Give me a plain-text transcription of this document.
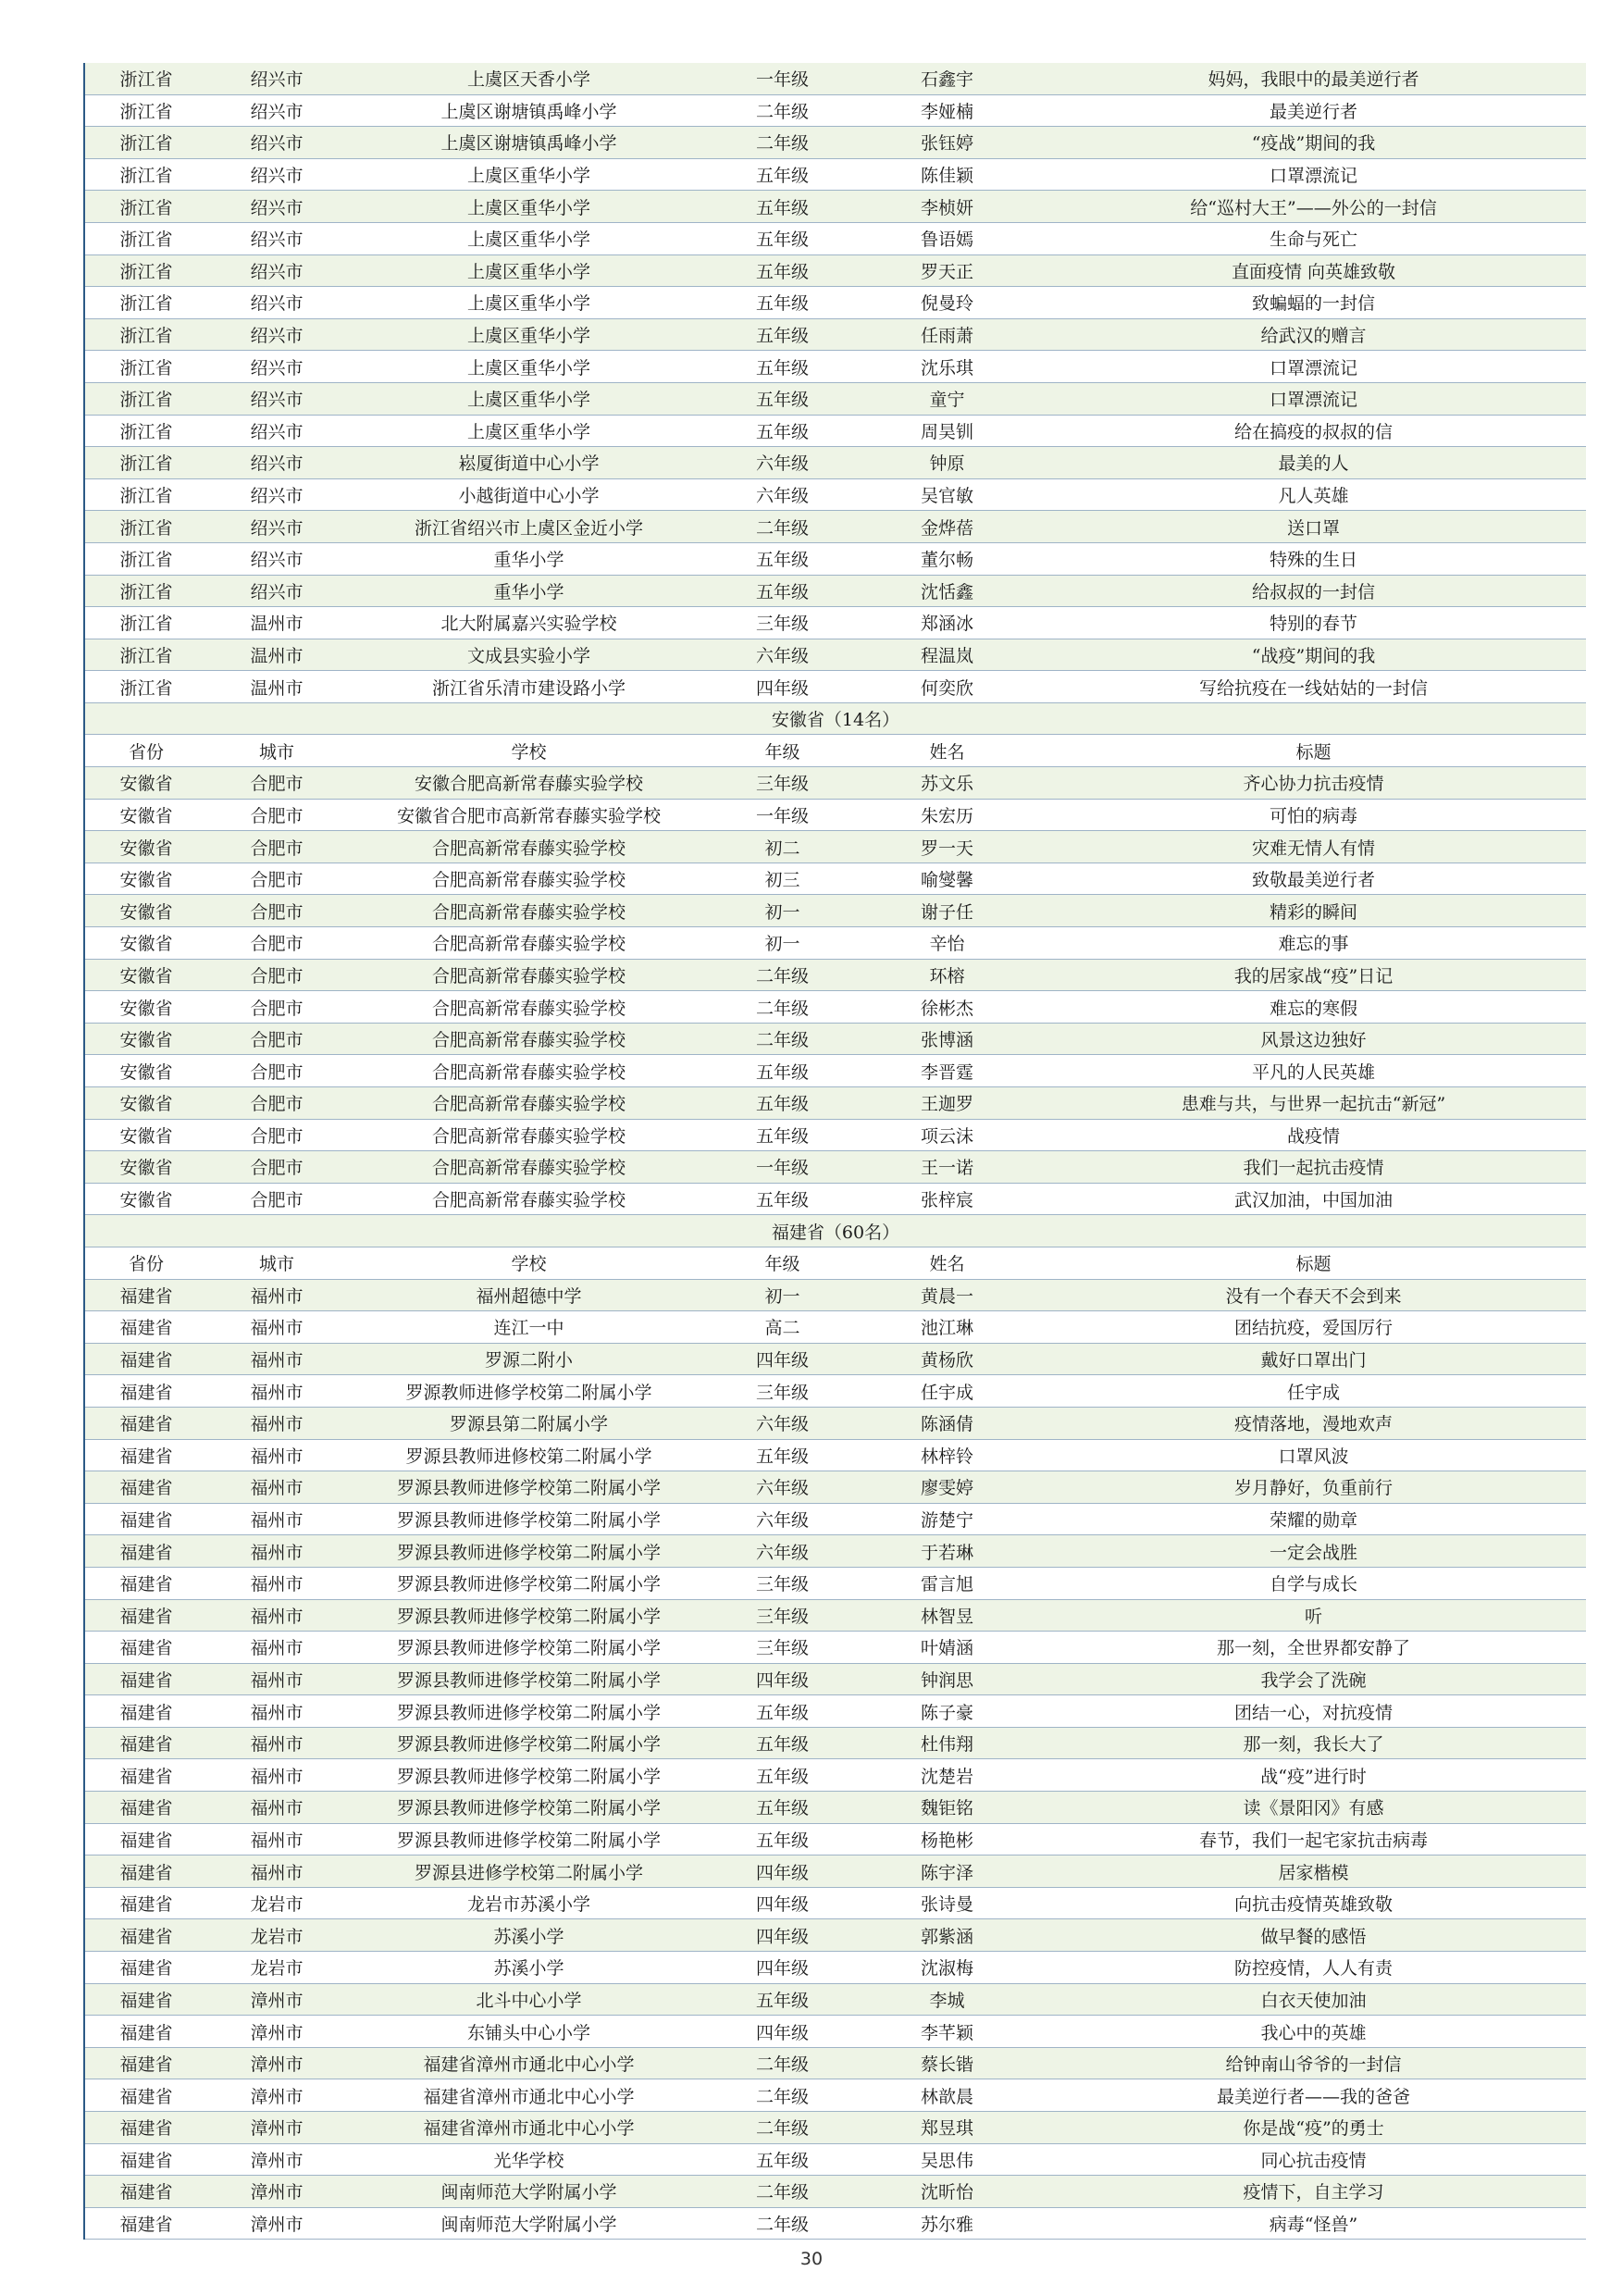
浙江省	绍兴市	上虞区天香小学	一年级	石鑫宇	妈妈，我眼中的最美逆行者
浙江省	绍兴市	上虞区谢塘镇禹峰小学	二年级	李娅楠	最美逆行者
浙江省	绍兴市	上虞区谢塘镇禹峰小学	二年级	张钰婷	“疫战”期间的我
浙江省	绍兴市	上虞区重华小学	五年级	陈佳颖	口罩漂流记
浙江省	绍兴市	上虞区重华小学	五年级	李桢妍	给“巡村大王”——外公的一封信
浙江省	绍兴市	上虞区重华小学	五年级	鲁语嫣	生命与死亡
浙江省	绍兴市	上虞区重华小学	五年级	罗天正	直面疫情 向英雄致敬
浙江省	绍兴市	上虞区重华小学	五年级	倪曼玲	致蝙蝠的一封信
浙江省	绍兴市	上虞区重华小学	五年级	任雨萧	给武汉的赠言
浙江省	绍兴市	上虞区重华小学	五年级	沈乐琪	口罩漂流记
浙江省	绍兴市	上虞区重华小学	五年级	童宁	口罩漂流记
浙江省	绍兴市	上虞区重华小学	五年级	周昊钏	给在搞疫的叔叔的信
浙江省	绍兴市	崧厦街道中心小学	六年级	钟原	最美的人
浙江省	绍兴市	小越街道中心小学	六年级	吴官敏	凡人英雄
浙江省	绍兴市	浙江省绍兴市上虞区金近小学	二年级	金烨蓓	送口罩
浙江省	绍兴市	重华小学	五年级	董尔畅	特殊的生日
浙江省	绍兴市	重华小学	五年级	沈恬鑫	给叔叔的一封信
浙江省	温州市	北大附属嘉兴实验学校	三年级	郑涵冰	特别的春节
浙江省	温州市	文成县实验小学	六年级	程温岚	“战疫”期间的我
浙江省	温州市	浙江省乐清市建设路小学	四年级	何奕欣	写给抗疫在一线姑姑的一封信
安徽省（14名）
省份	城市	学校	年级	姓名	标题
安徽省	合肥市	安徽合肥高新常春藤实验学校	三年级	苏文乐	齐心协力抗击疫情
安徽省	合肥市	安徽省合肥市高新常春藤实验学校	一年级	朱宏历	可怕的病毒
安徽省	合肥市	合肥高新常春藤实验学校	初二	罗一天	灾难无情人有情
安徽省	合肥市	合肥高新常春藤实验学校	初三	喻燮馨	致敬最美逆行者
安徽省	合肥市	合肥高新常春藤实验学校	初一	谢子任	精彩的瞬间
安徽省	合肥市	合肥高新常春藤实验学校	初一	辛怡	难忘的事
安徽省	合肥市	合肥高新常春藤实验学校	二年级	环榕	我的居家战“疫”日记
安徽省	合肥市	合肥高新常春藤实验学校	二年级	徐彬杰	难忘的寒假
安徽省	合肥市	合肥高新常春藤实验学校	二年级	张博涵	风景这边独好
安徽省	合肥市	合肥高新常春藤实验学校	五年级	李晋霆	平凡的人民英雄
安徽省	合肥市	合肥高新常春藤实验学校	五年级	王迦罗	患难与共，与世界一起抗击“新冠”
安徽省	合肥市	合肥高新常春藤实验学校	五年级	项云沫	战疫情
安徽省	合肥市	合肥高新常春藤实验学校	一年级	王一诺	我们一起抗击疫情
安徽省	合肥市	合肥高新常春藤实验学校	五年级	张梓宸	武汉加油，中国加油
福建省（60名）
省份	城市	学校	年级	姓名	标题
福建省	福州市	福州超德中学	初一	黄晨一	没有一个春天不会到来
福建省	福州市	连江一中	高二	池江琳	团结抗疫，爱国厉行
福建省	福州市	罗源二附小	四年级	黄杨欣	戴好口罩出门
福建省	福州市	罗源教师进修学校第二附属小学	三年级	任宇成	任宇成
福建省	福州市	罗源县第二附属小学	六年级	陈涵倩	疫情落地，漫地欢声
福建省	福州市	罗源县教师进修校第二附属小学	五年级	林梓铃	口罩风波
福建省	福州市	罗源县教师进修学校第二附属小学	六年级	廖雯婷	岁月静好，负重前行
福建省	福州市	罗源县教师进修学校第二附属小学	六年级	游楚宁	荣耀的勋章
福建省	福州市	罗源县教师进修学校第二附属小学	六年级	于若琳	一定会战胜
福建省	福州市	罗源县教师进修学校第二附属小学	三年级	雷言旭	自学与成长
福建省	福州市	罗源县教师进修学校第二附属小学	三年级	林智昱	听
福建省	福州市	罗源县教师进修学校第二附属小学	三年级	叶婧涵	那一刻，全世界都安静了
福建省	福州市	罗源县教师进修学校第二附属小学	四年级	钟润思	我学会了洗碗
福建省	福州市	罗源县教师进修学校第二附属小学	五年级	陈子豪	团结一心，对抗疫情
福建省	福州市	罗源县教师进修学校第二附属小学	五年级	杜伟翔	那一刻，我长大了
福建省	福州市	罗源县教师进修学校第二附属小学	五年级	沈楚岩	战“疫”进行时
福建省	福州市	罗源县教师进修学校第二附属小学	五年级	魏钜铭	读《景阳冈》有感
福建省	福州市	罗源县教师进修学校第二附属小学	五年级	杨艳彬	春节，我们一起宅家抗击病毒
福建省	福州市	罗源县进修学校第二附属小学	四年级	陈宇泽	居家楷模
福建省	龙岩市	龙岩市苏溪小学	四年级	张诗曼	向抗击疫情英雄致敬
福建省	龙岩市	苏溪小学	四年级	郭紫涵	做早餐的感悟
福建省	龙岩市	苏溪小学	四年级	沈淑梅	防控疫情，人人有责
福建省	漳州市	北斗中心小学	五年级	李城	白衣天使加油
福建省	漳州市	东铺头中心小学	四年级	李芊颖	我心中的英雄
福建省	漳州市	福建省漳州市通北中心小学	二年级	蔡长锴	给钟南山爷爷的一封信
福建省	漳州市	福建省漳州市通北中心小学	二年级	林歆晨	最美逆行者——我的爸爸
福建省	漳州市	福建省漳州市通北中心小学	二年级	郑昱琪	你是战“疫”的勇士
福建省	漳州市	光华学校	五年级	吴思伟	同心抗击疫情
福建省	漳州市	闽南师范大学附属小学	二年级	沈昕怡	疫情下，自主学习
福建省	漳州市	闽南师范大学附属小学	二年级	苏尔雅	病毒“怪兽”
30
